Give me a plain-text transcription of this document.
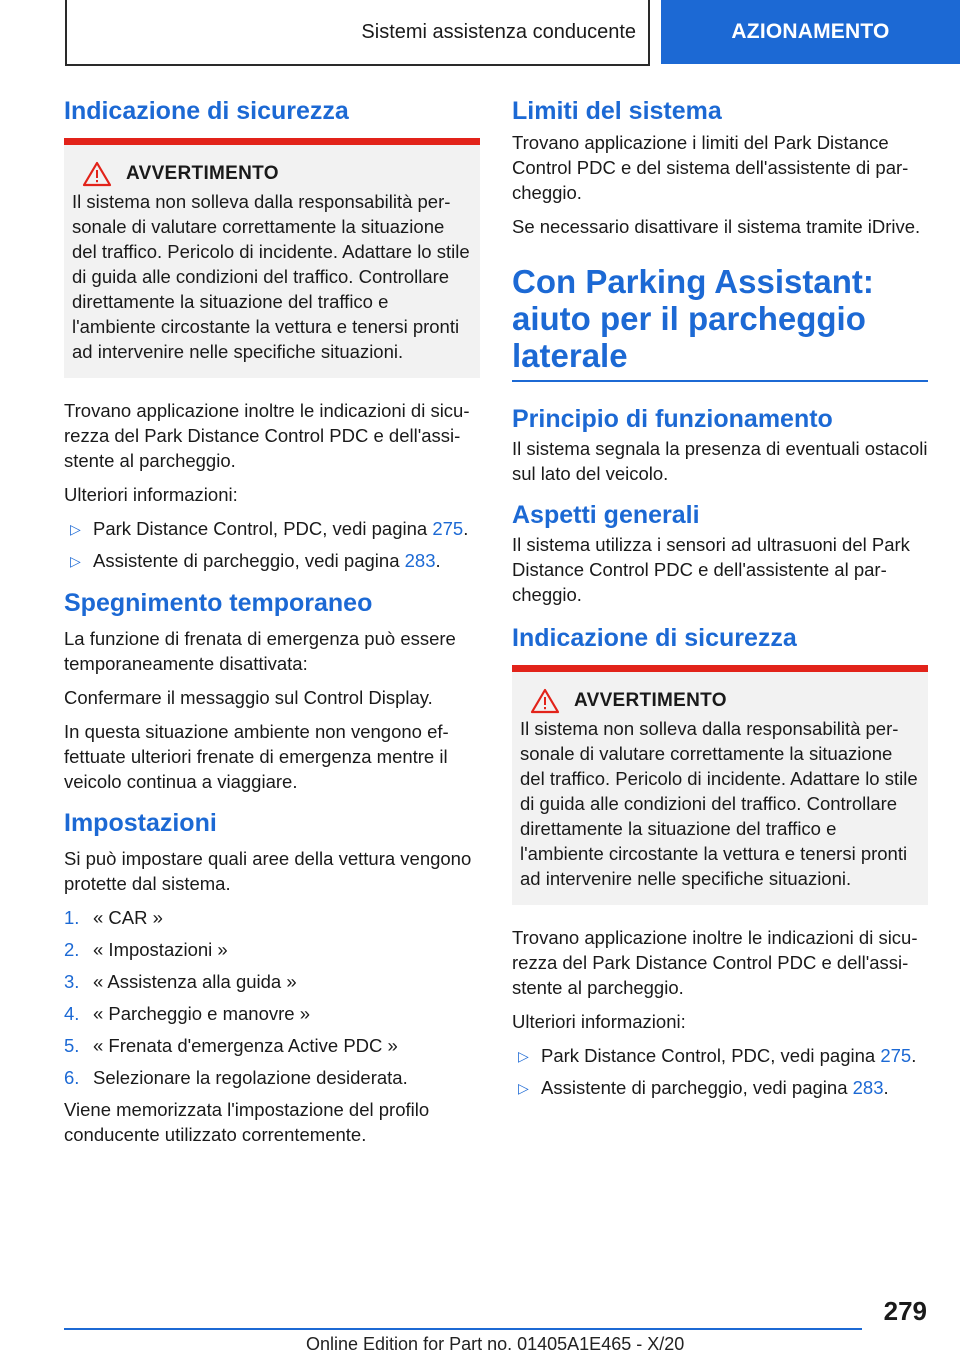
Sistemi assistenza conducente	AZIONAMENTO
Indicazione di sicurezza
AVVERTIMENTO
Il sistema non solleva dalla responsabilità personale di valutare correttamente la situazione del traffico. Pericolo di incidente. Adattare lo stile di guida alle condizioni del traffico. Controllare direttamente la situazione del traffico e l'ambiente circostante la vettura e tenersi pronti ad intervenire nelle specifiche situazioni.

Trovano applicazione inoltre le indicazioni di sicurezza del Park Distance Control PDC e dell'assistente al parcheggio.

Ulteriori informazioni:

▷ Park Distance Control, PDC, vedi pagina 275.
▷ Assistente di parcheggio, vedi pagina 283.
Spegnimento temporaneo

La funzione di frenata di emergenza può essere temporaneamente disattivata:

Confermare il messaggio sul Control Display.

In questa situazione ambiente non vengono effettuate ulteriori frenate di emergenza mentre il veicolo continua a viaggiare.

Impostazioni

Si può impostare quali aree della vettura vengono protette dal sistema.

1. « CAR »
2. « Impostazioni »
3. « Assistenza alla guida »
4. « Parcheggio e manovre »
5. « Frenata d'emergenza Active PDC »
6. Selezionare la regolazione desiderata.

Viene memorizzata l'impostazione del profilo conducente utilizzato correntemente.

Limiti del sistema

Trovano applicazione i limiti del Park Distance Control PDC e del sistema dell'assistente di parcheggio.

Se necessario disattivare il sistema tramite iDrive.

Con Parking Assistant: aiuto per il parcheggio laterale
Principio di funzionamento

Il sistema segnala la presenza di eventuali ostacoli sul lato del veicolo.

Aspetti generali

Il sistema utilizza i sensori ad ultrasuoni del Park Distance Control PDC e dell'assistente al parcheggio.

Indicazione di sicurezza
AVVERTIMENTO
Il sistema non solleva dalla responsabilità personale di valutare correttamente la situazione del traffico. Pericolo di incidente. Adattare lo stile di guida alle condizioni del traffico. Controllare direttamente la situazione del traffico e l'ambiente circostante la vettura e tenersi pronti ad intervenire nelle specifiche situazioni.

Trovano applicazione inoltre le indicazioni di sicurezza del Park Distance Control PDC e dell'assistente al parcheggio.

Ulteriori informazioni:

▷ Park Distance Control, PDC, vedi pagina 275.
▷ Assistente di parcheggio, vedi pagina 283.
279
Online Edition for Part no. 01405A1E465 - X/20
